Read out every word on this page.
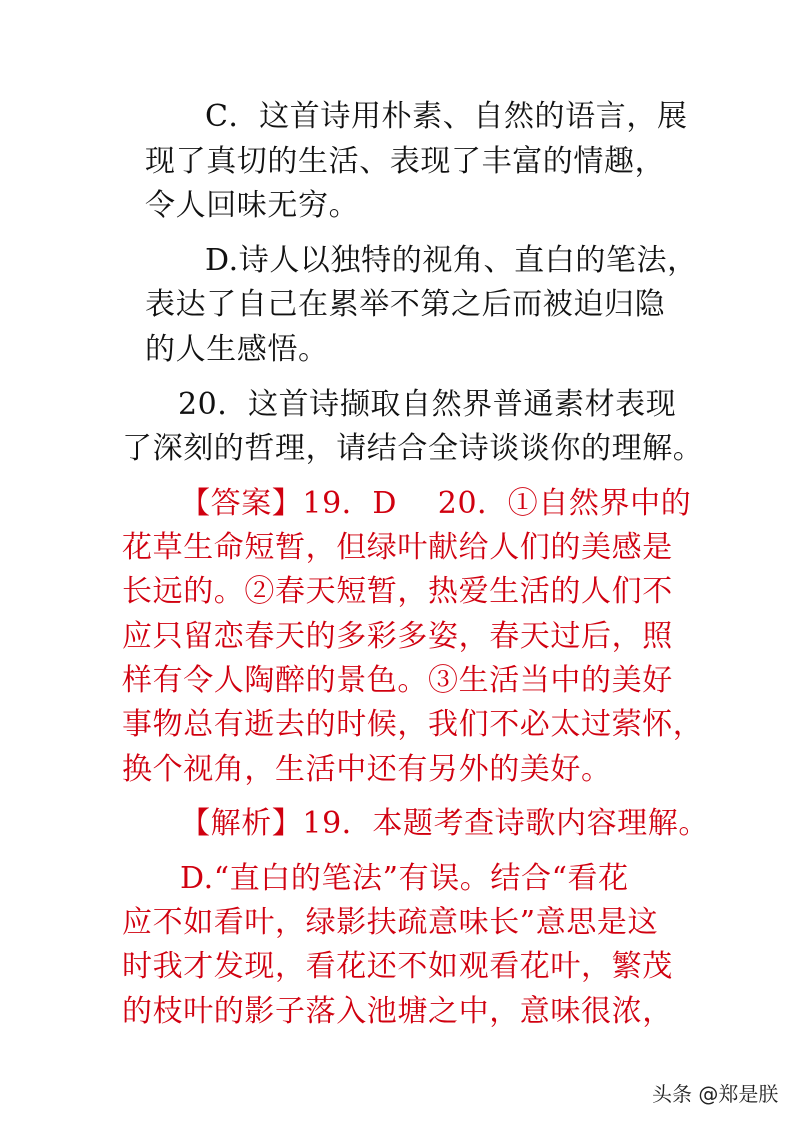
C．这首诗用朴素、自然的语言，展
现了真切的生活、表现了丰富的情趣，
令人回味无穷。
D.诗人以独特的视角、直白的笔法，
表达了自己在累举不第之后而被迫归隐
的人生感悟。
20．这首诗撷取自然界普通素材表现
了深刻的哲理，请结合全诗谈谈你的理解。
【答案】19．D　 20．①自然界中的
花草生命短暂，但绿叶献给人们的美感是
长远的。②春天短暂，热爱生活的人们不
应只留恋春天的多彩多姿，春天过后，照
样有令人陶醉的景色。③生活当中的美好
事物总有逝去的时候，我们不必太过萦怀，
换个视角，生活中还有另外的美好。
【解析】19．本题考查诗歌内容理解。
D.“直白的笔法”有误。结合“看花
应不如看叶，绿影扶疏意味长”意思是这
时我才发现，看花还不如观看花叶，繁茂
的枝叶的影子落入池塘之中，意味很浓，
头条 @郑是朕
